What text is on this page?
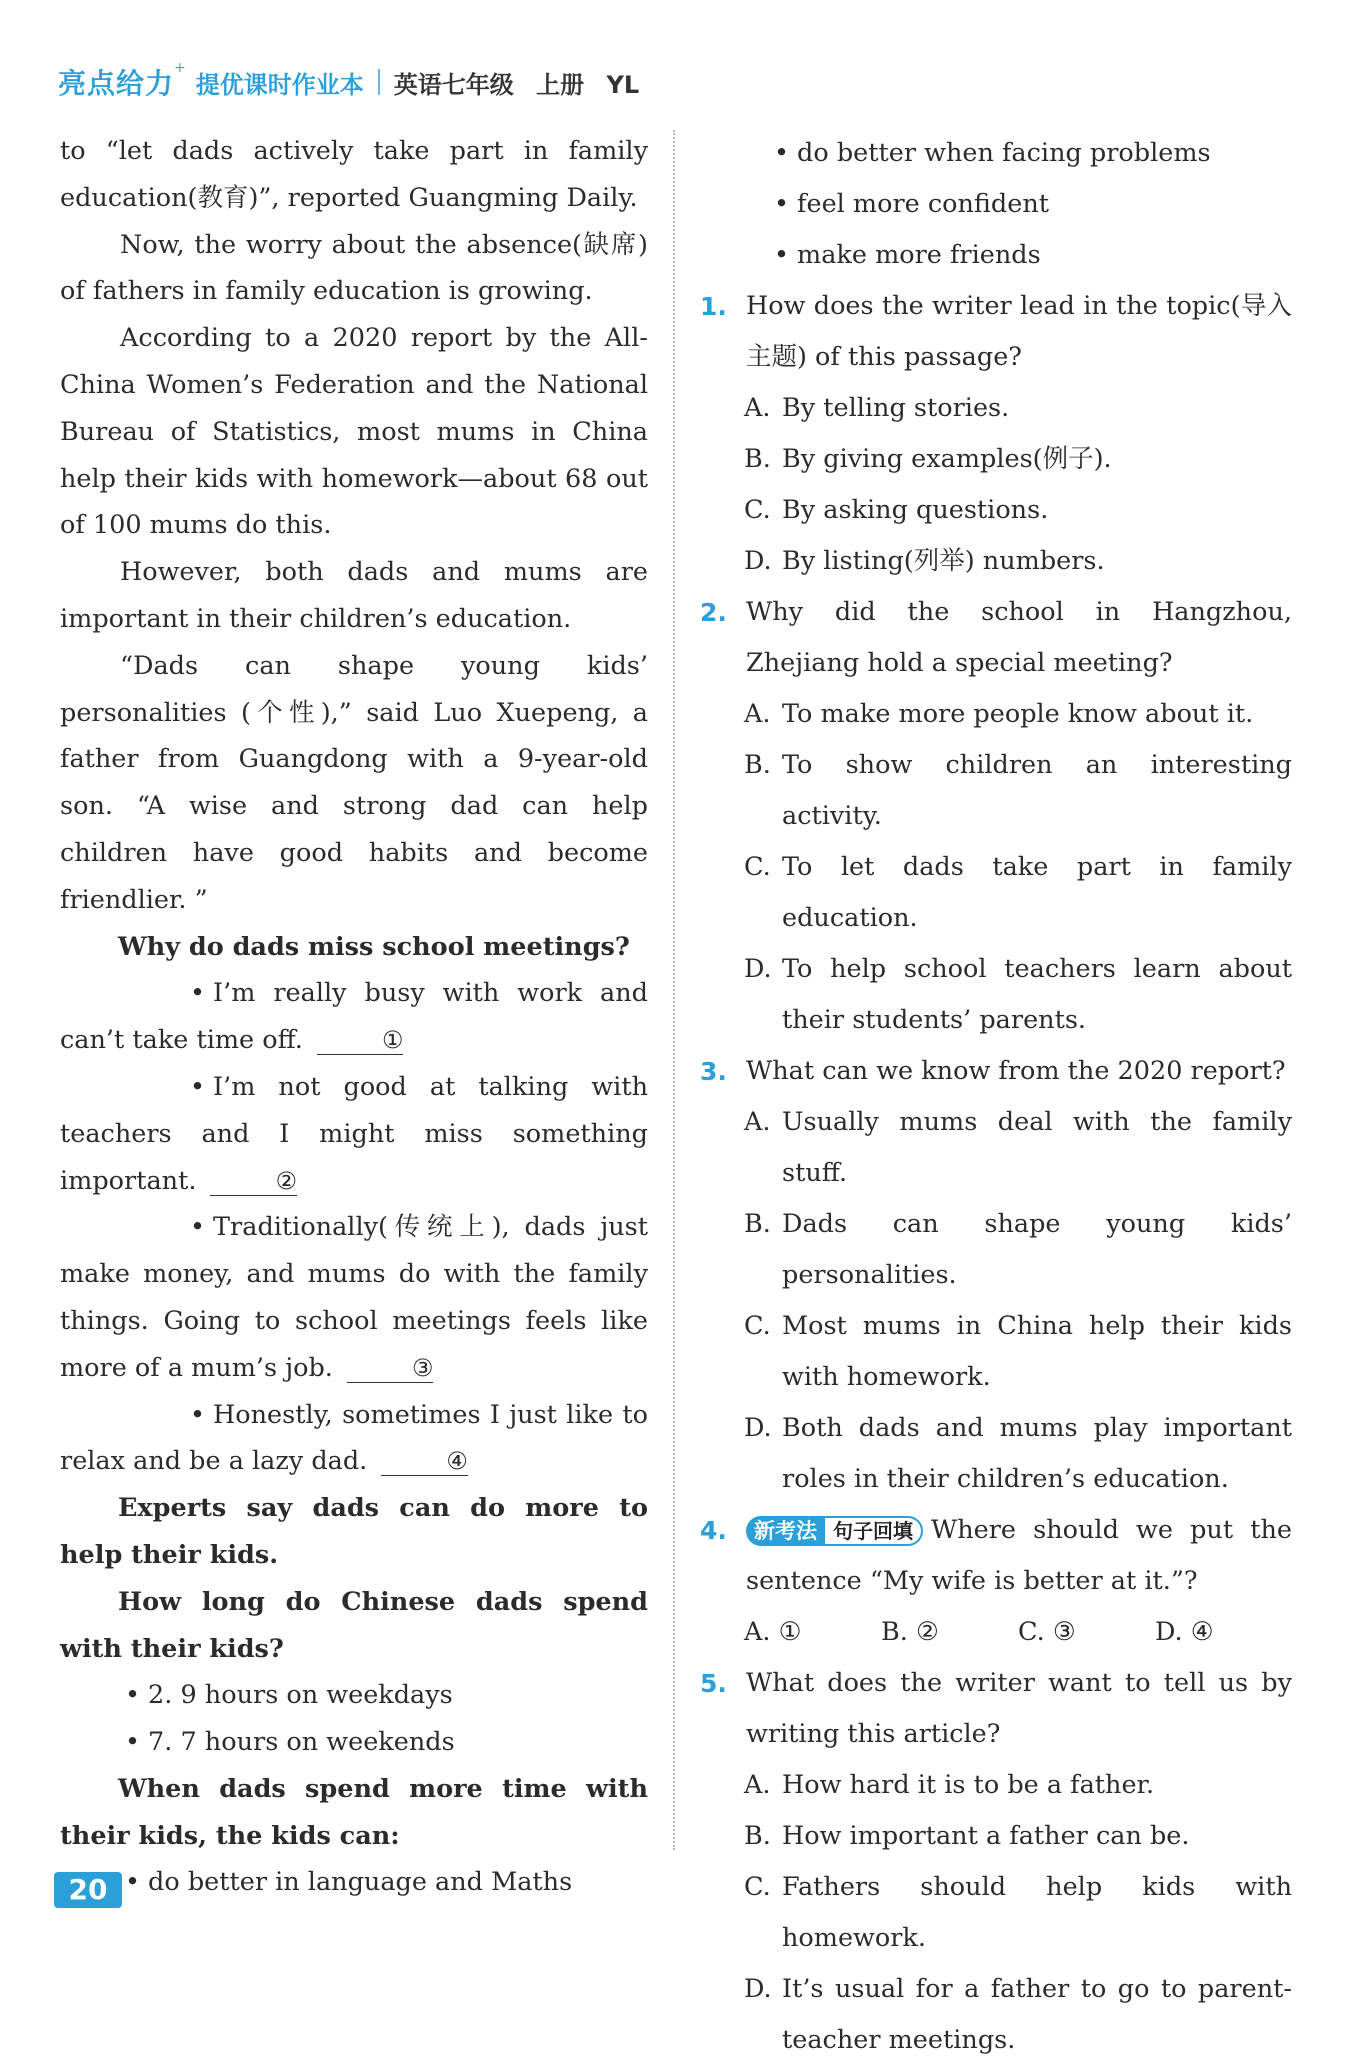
亮点给力 +
提优课时作业本 英语七年级 上册 YL

to “let dads actively take part in family education(教育)”, reported Guangming Daily.

Now, the worry about the absence(缺席) of fathers in family education is growing.

According to a 2020 report by the All-China Women’s Federation and the National Bureau of Statistics, most mums in China help their kids with homework—about 68 out of 100 mums do this.

However, both dads and mums are important in their children’s education.

“Dads can shape young kids’ personalities (个性),” said Luo Xuepeng, a father from Guangdong with a 9-year-old son. “A wise and strong dad can help children have good habits and become friendlier. ”

Why do dads miss school meetings?

• I’m really busy with work and can’t take time off.	①

• I’m not good at talking with teachers and I might miss something important.	②

• Traditionally(传统上), dads just make money, and mums do with the family things. Going to school meetings feels like more of a mum’s job.	③

• Honestly, sometimes I just like to relax and be a lazy dad.	④

Experts say dads can do more to help their kids.

How long do Chinese dads spend with their kids?

• 2. 9 hours on weekdays

• 7. 7 hours on weekends

When dads spend more time with their kids, the kids can:

• do better in language and Maths

• do better when facing problems

• feel more confident

• make more friends

1. How does the writer lead in the topic(导入主题) of this passage?

A. By telling stories.

B. By giving examples(例子).

C. By asking questions.

D. By listing(列举) numbers.

2. Why did the school in Hangzhou, Zhejiang hold a special meeting?

A. To make more people know about it.

B. To show children an interesting activity.

C. To let dads take part in family education.

D. To help school teachers learn about their students’ parents.

3. What can we know from the 2020 report?

A. Usually mums deal with the family stuff.

B. Dads can shape young kids’ personalities.

C. Most mums in China help their kids with homework.

D. Both dads and mums play important roles in their children’s education.

4.	新考法 句子回填 Where should we put the sentence “My wife is better at it.”?

A. ①	B. ②	C. ③	D. ④

5. What does the writer want to tell us by writing this article?

A. How hard it is to be a father.

B. How important a father can be.

C. Fathers should help kids with homework.

D. It’s usual for a father to go to parent-teacher meetings.

20
